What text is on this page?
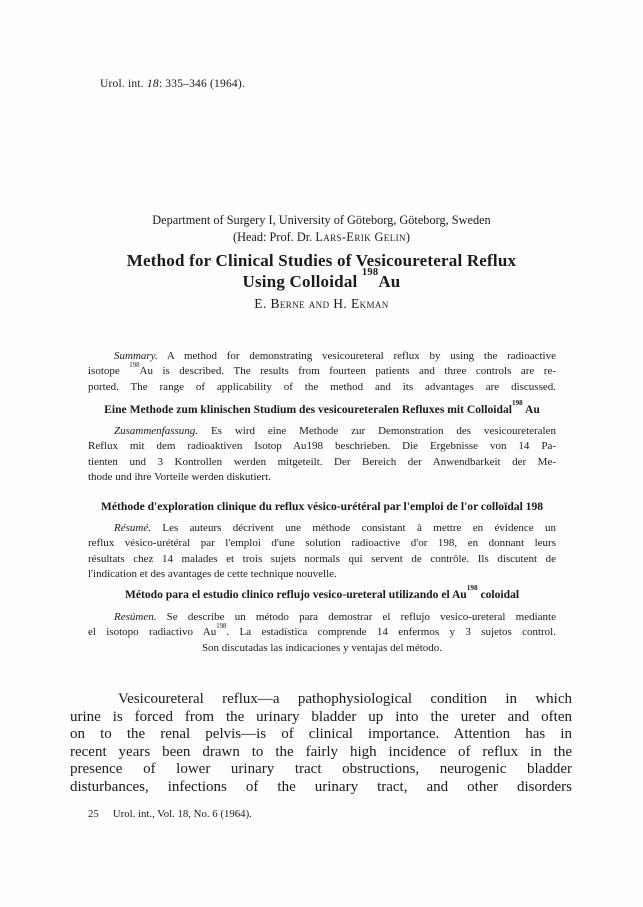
Urol. int. 18: 335–346 (1964).
Department of Surgery I, University of Göteborg, Göteborg, Sweden
(Head: Prof. Dr. Lars-Erik Gelin)
Method for Clinical Studies of Vesicoureteral Reflux
Using Colloidal $^{198}$Au
E. Berne and H. Ekman
Summary. A method for demonstrating vesicoureteral reflux by using the radioactive
isotope $^{198}$Au is described. The results from fourteen patients and three controls are re-
ported. The range of applicability of the method and its advantages are discussed.
Eine Methode zum klinischen Studium des vesicoureteralen Refluxes mit Colloidal$^{198}$ Au
Zusammenfassung. Es wird eine Methode zur Demonstration des vesicoureteralen
Reflux mit dem radioaktiven Isotop Au198 beschrieben. Die Ergebnisse von 14 Pa-
tienten und 3 Kontrollen werden mitgeteilt. Der Bereich der Anwendbarkeit der Me-
thode und ihre Vorteile werden diskutiert.
Méthode d'exploration clinique du reflux vésico-urétéral par l'emploi de l'or colloïdal 198
Résumé. Les auteurs décrivent une méthode consistant à mettre en évidence un
reflux vésico-urétéral par l'emploi d'une solution radioactive d'or 198, en donnant leurs
résultats chez 14 malades et trois sujets normals qui servent de contrôle. Ils discutent de
l'indication et des avantages de cette technique nouvelle.
Método para el estudio clinico reflujo vesico-ureteral utilizando el Au$^{198}$ coloidal
Resúmen. Se describe un método para demostrar el reflujo vesico-ureteral mediante
el isotopo radiactivo Au$^{198}$. La estadística comprende 14 enfermos y 3 sujetos control.
Son discutadas las indicaciones y ventajas del método.
Vesicoureteral reflux—a pathophysiological condition in which
urine is forced from the urinary bladder up into the ureter and often
on to the renal pelvis—is of clinical importance. Attention has in
recent years been drawn to the fairly high incidence of reflux in the
presence of lower urinary tract obstructions, neurogenic bladder
disturbances, infections of the urinary tract, and other disorders
25 Urol. int., Vol. 18, No. 6 (1964).
